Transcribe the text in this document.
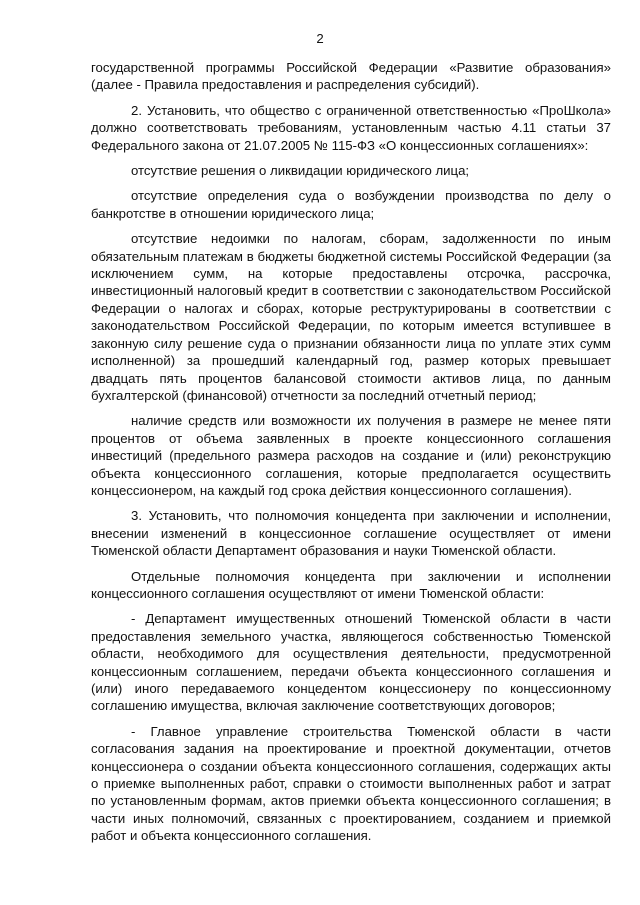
2

государственной программы Российской Федерации «Развитие образования» (далее - Правила предоставления и распределения субсидий).

2. Установить, что общество с ограниченной ответственностью «ПроШкола» должно соответствовать требованиям, установленным частью 4.11 статьи 37 Федерального закона от 21.07.2005 № 115-ФЗ «О концессионных соглашениях»:

отсутствие решения о ликвидации юридического лица;

отсутствие определения суда о возбуждении производства по делу о банкротстве в отношении юридического лица;

отсутствие недоимки по налогам, сборам, задолженности по иным обязательным платежам в бюджеты бюджетной системы Российской Федерации (за исключением сумм, на которые предоставлены отсрочка, рассрочка, инвестиционный налоговый кредит в соответствии с законодательством Российской Федерации о налогах и сборах, которые реструктурированы в соответствии с законодательством Российской Федерации, по которым имеется вступившее в законную силу решение суда о признании обязанности лица по уплате этих сумм исполненной) за прошедший календарный год, размер которых превышает двадцать пять процентов балансовой стоимости активов лица, по данным бухгалтерской (финансовой) отчетности за последний отчетный период;

наличие средств или возможности их получения в размере не менее пяти процентов от объема заявленных в проекте концессионного соглашения инвестиций (предельного размера расходов на создание и (или) реконструкцию объекта концессионного соглашения, которые предполагается осуществить концессионером, на каждый год срока действия концессионного соглашения).

3. Установить, что полномочия концедента при заключении и исполнении, внесении изменений в концессионное соглашение осуществляет от имени Тюменской области Департамент образования и науки Тюменской области.

Отдельные полномочия концедента при заключении и исполнении концессионного соглашения осуществляют от имени Тюменской области:

- Департамент имущественных отношений Тюменской области в части предоставления земельного участка, являющегося собственностью Тюменской области, необходимого для осуществления деятельности, предусмотренной концессионным соглашением, передачи объекта концессионного соглашения и (или) иного передаваемого концедентом концессионеру по концессионному соглашению имущества, включая заключение соответствующих договоров;

- Главное управление строительства Тюменской области в части согласования задания на проектирование и проектной документации, отчетов концессионера о создании объекта концессионного соглашения, содержащих акты о приемке выполненных работ, справки о стоимости выполненных работ и затрат по установленным формам, актов приемки объекта концессионного соглашения; в части иных полномочий, связанных с проектированием, созданием и приемкой работ и объекта концессионного соглашения.
